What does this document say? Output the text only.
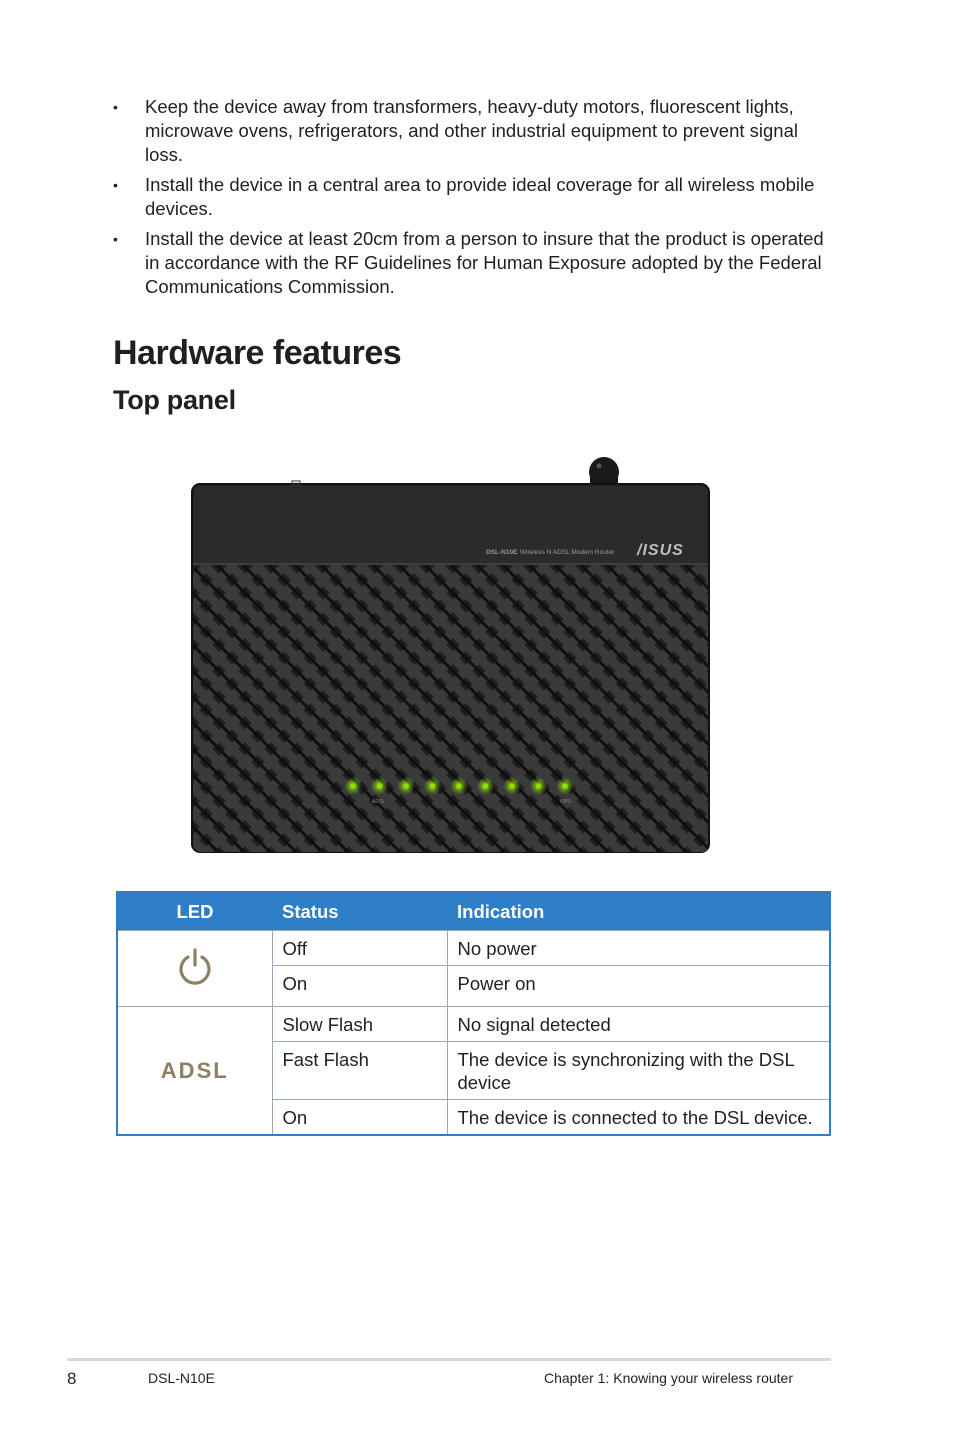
• Keep the device away from transformers, heavy-duty motors, fluorescent lights, microwave ovens, refrigerators, and other industrial equipment to prevent signal loss.
• Install the device in a central area to provide ideal coverage for all wireless mobile devices.
• Install the device at least 20cm from a person to insure that the product is operated in accordance with the RF Guidelines for Human Exposure adopted by the Federal Communications Commission.
Hardware features
Top panel
DSL-N10E Wireless N ADSL Modem Router /ISUS
ADSL	WPS
LED	Status	Indication
	Off	No power
	On	Power on
ADSL	Slow Flash	No signal detected
	Fast Flash	The device is synchronizing with the DSL device
	On	The device is connected to the DSL device.
8	DSL-N10E	Chapter 1: Knowing your wireless router
